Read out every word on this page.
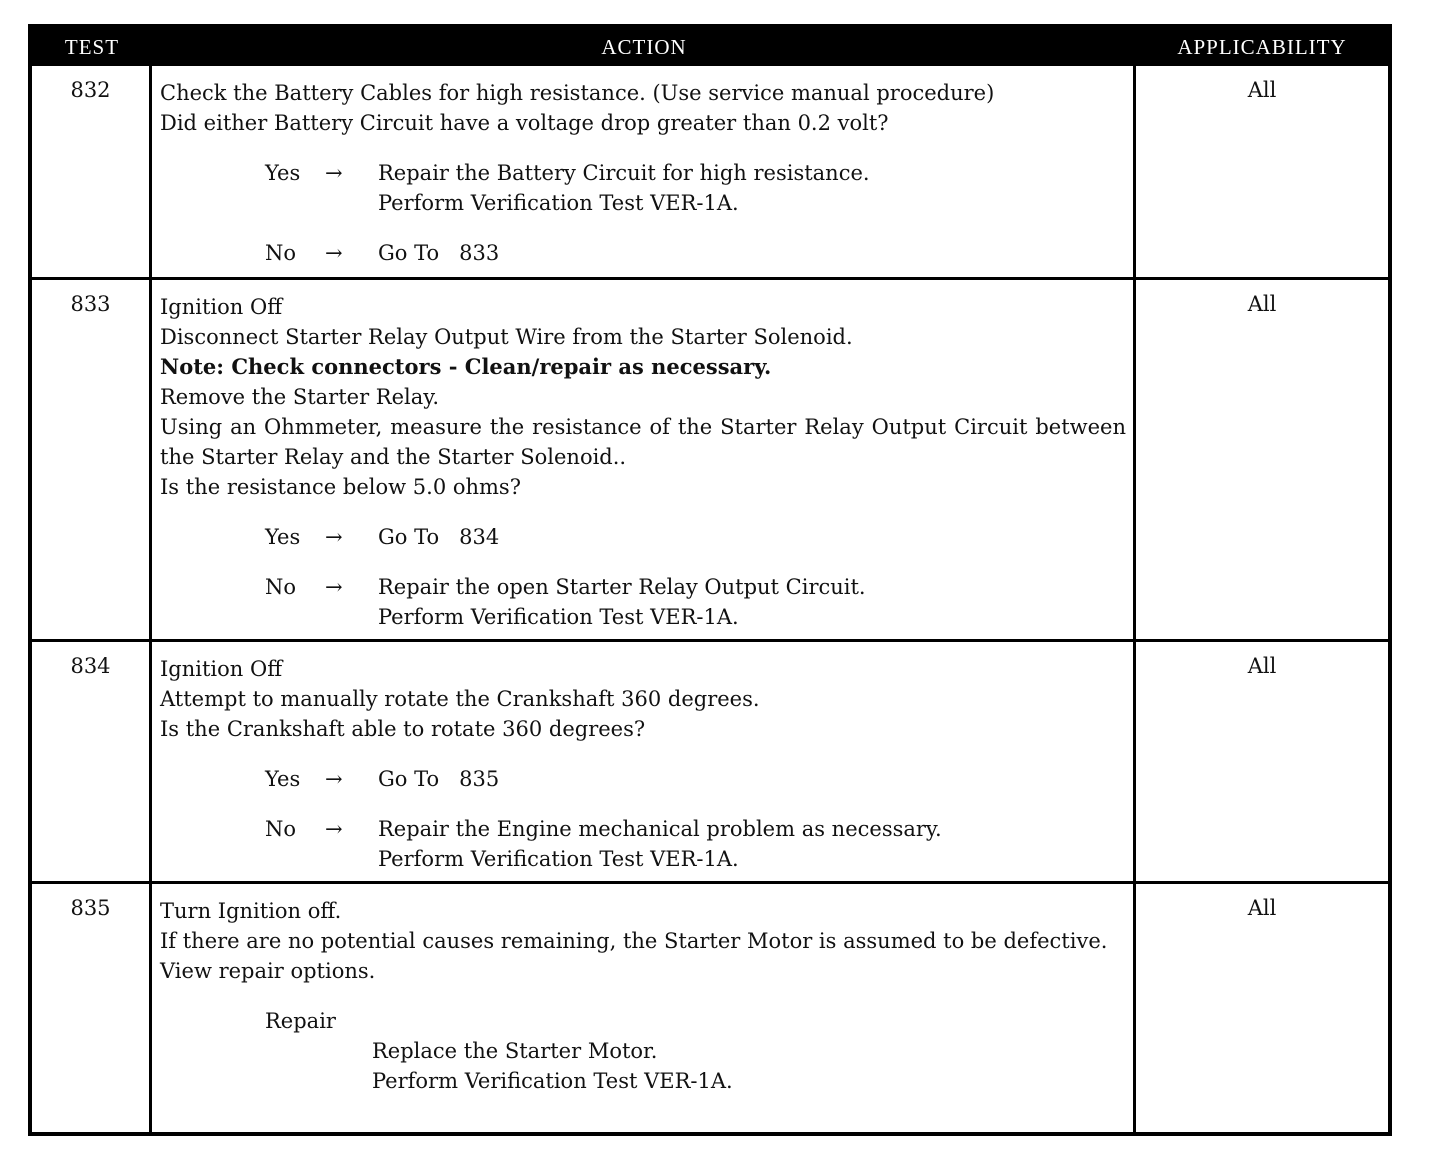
TEST	ACTION	APPLICABILITY
832	Check the Battery Cables for high resistance. (Use service manual procedure)
Did either Battery Circuit have a voltage drop greater than 0.2 volt?
Yes	→	Repair the Battery Circuit for high resistance.
Perform Verification Test VER-1A.
No	→	Go To   833
All
833	Ignition Off
Disconnect Starter Relay Output Wire from the Starter Solenoid.
Note: Check connectors - Clean/repair as necessary.
Remove the Starter Relay.
Using an Ohmmeter, measure the resistance of the Starter Relay Output Circuit between the Starter Relay and the Starter Solenoid..
Is the resistance below 5.0 ohms?
Yes	→	Go To   834
No	→	Repair the open Starter Relay Output Circuit.
Perform Verification Test VER-1A.
All
834	Ignition Off
Attempt to manually rotate the Crankshaft 360 degrees.
Is the Crankshaft able to rotate 360 degrees?
Yes	→	Go To   835
No	→	Repair the Engine mechanical problem as necessary.
Perform Verification Test VER-1A.
All
835	Turn Ignition off.
If there are no potential causes remaining, the Starter Motor is assumed to be defective.
View repair options.
Repair
Replace the Starter Motor.
Perform Verification Test VER-1A.
All
